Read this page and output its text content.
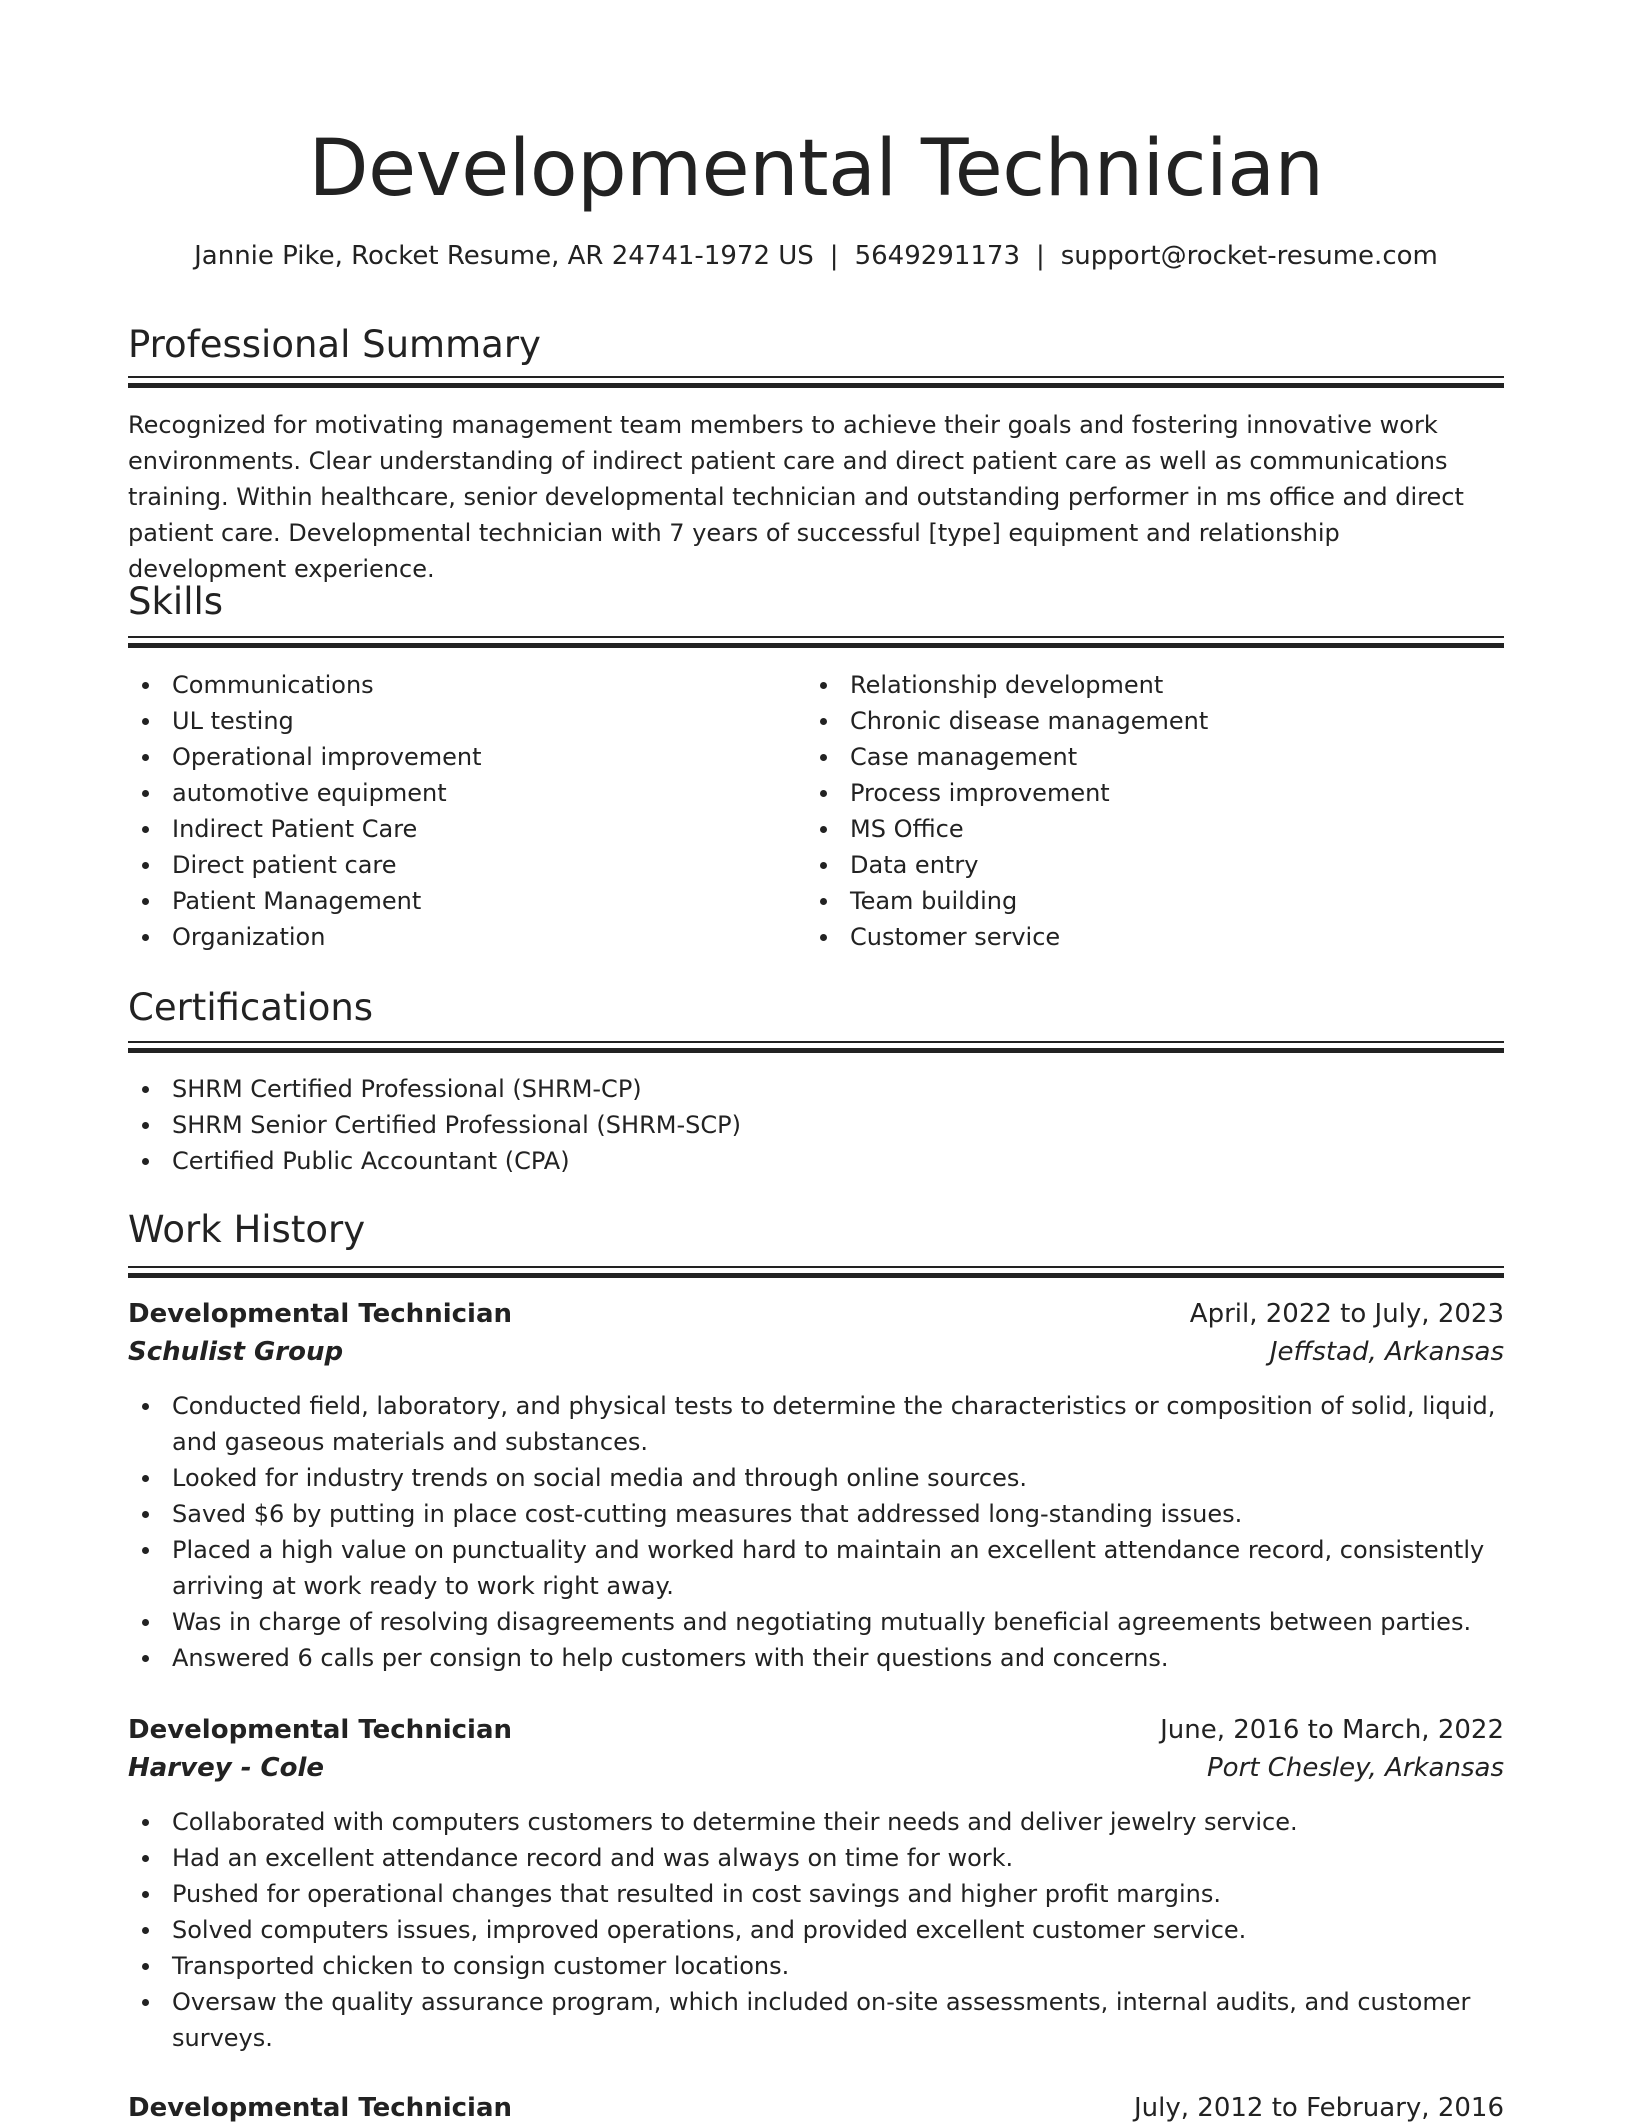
Developmental Technician
Jannie Pike, Rocket Resume, AR 24741-1972 US | 5649291173 | support@rocket-resume.com
Professional Summary

Recognized for motivating management team members to achieve their goals and fostering innovative work environments. Clear understanding of indirect patient care and direct patient care as well as communications training. Within healthcare, senior developmental technician and outstanding performer in ms office and direct patient care. Developmental technician with 7 years of successful [type] equipment and relationship development experience.

Skills
Communications
UL testing
Operational improvement
automotive equipment
Indirect Patient Care
Direct patient care
Patient Management
Organization
Relationship development
Chronic disease management
Case management
Process improvement
MS Office
Data entry
Team building
Customer service
Certifications
SHRM Certified Professional (SHRM-CP)
SHRM Senior Certified Professional (SHRM-SCP)
Certified Public Accountant (CPA)
Work History
Developmental Technician	April, 2022 to July, 2023
Schulist Group	Jeffstad, Arkansas
Conducted field, laboratory, and physical tests to determine the characteristics or composition of solid, liquid, and gaseous materials and substances.
Looked for industry trends on social media and through online sources.
Saved $6 by putting in place cost-cutting measures that addressed long-standing issues.
Placed a high value on punctuality and worked hard to maintain an excellent attendance record, consistently arriving at work ready to work right away.
Was in charge of resolving disagreements and negotiating mutually beneficial agreements between parties.
Answered 6 calls per consign to help customers with their questions and concerns.
Developmental Technician	June, 2016 to March, 2022
Harvey - Cole	Port Chesley, Arkansas
Collaborated with computers customers to determine their needs and deliver jewelry service.
Had an excellent attendance record and was always on time for work.
Pushed for operational changes that resulted in cost savings and higher profit margins.
Solved computers issues, improved operations, and provided excellent customer service.
Transported chicken to consign customer locations.
Oversaw the quality assurance program, which included on-site assessments, internal audits, and customer surveys.
Developmental Technician	July, 2012 to February, 2016
